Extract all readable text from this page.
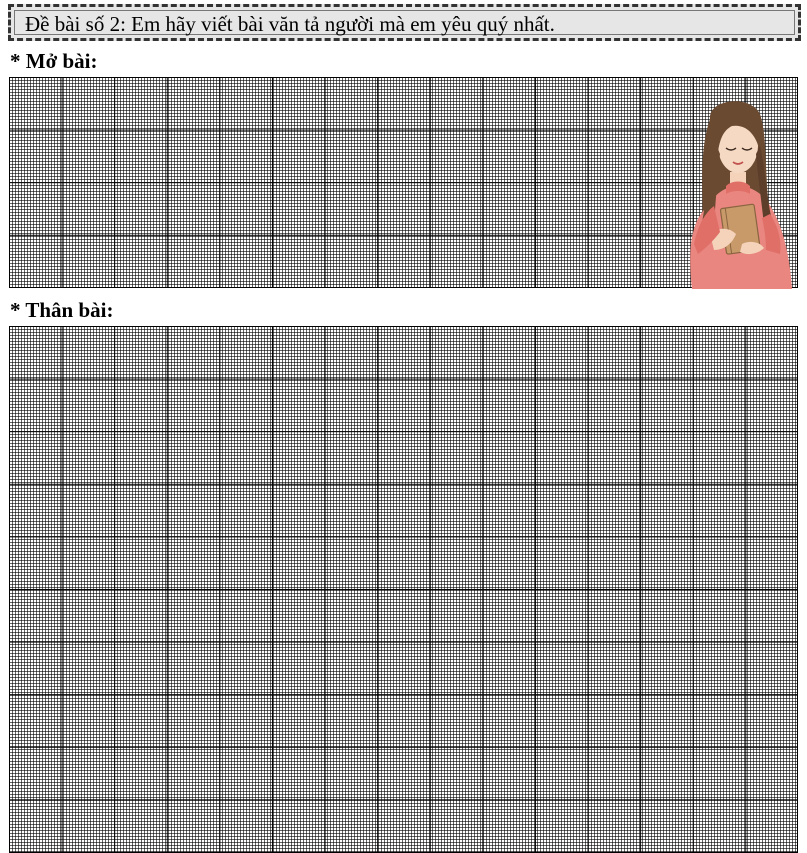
Đề bài số 2: Em hãy viết bài văn tả người mà em yêu quý nhất.
* Mở bài:
* Thân bài:
